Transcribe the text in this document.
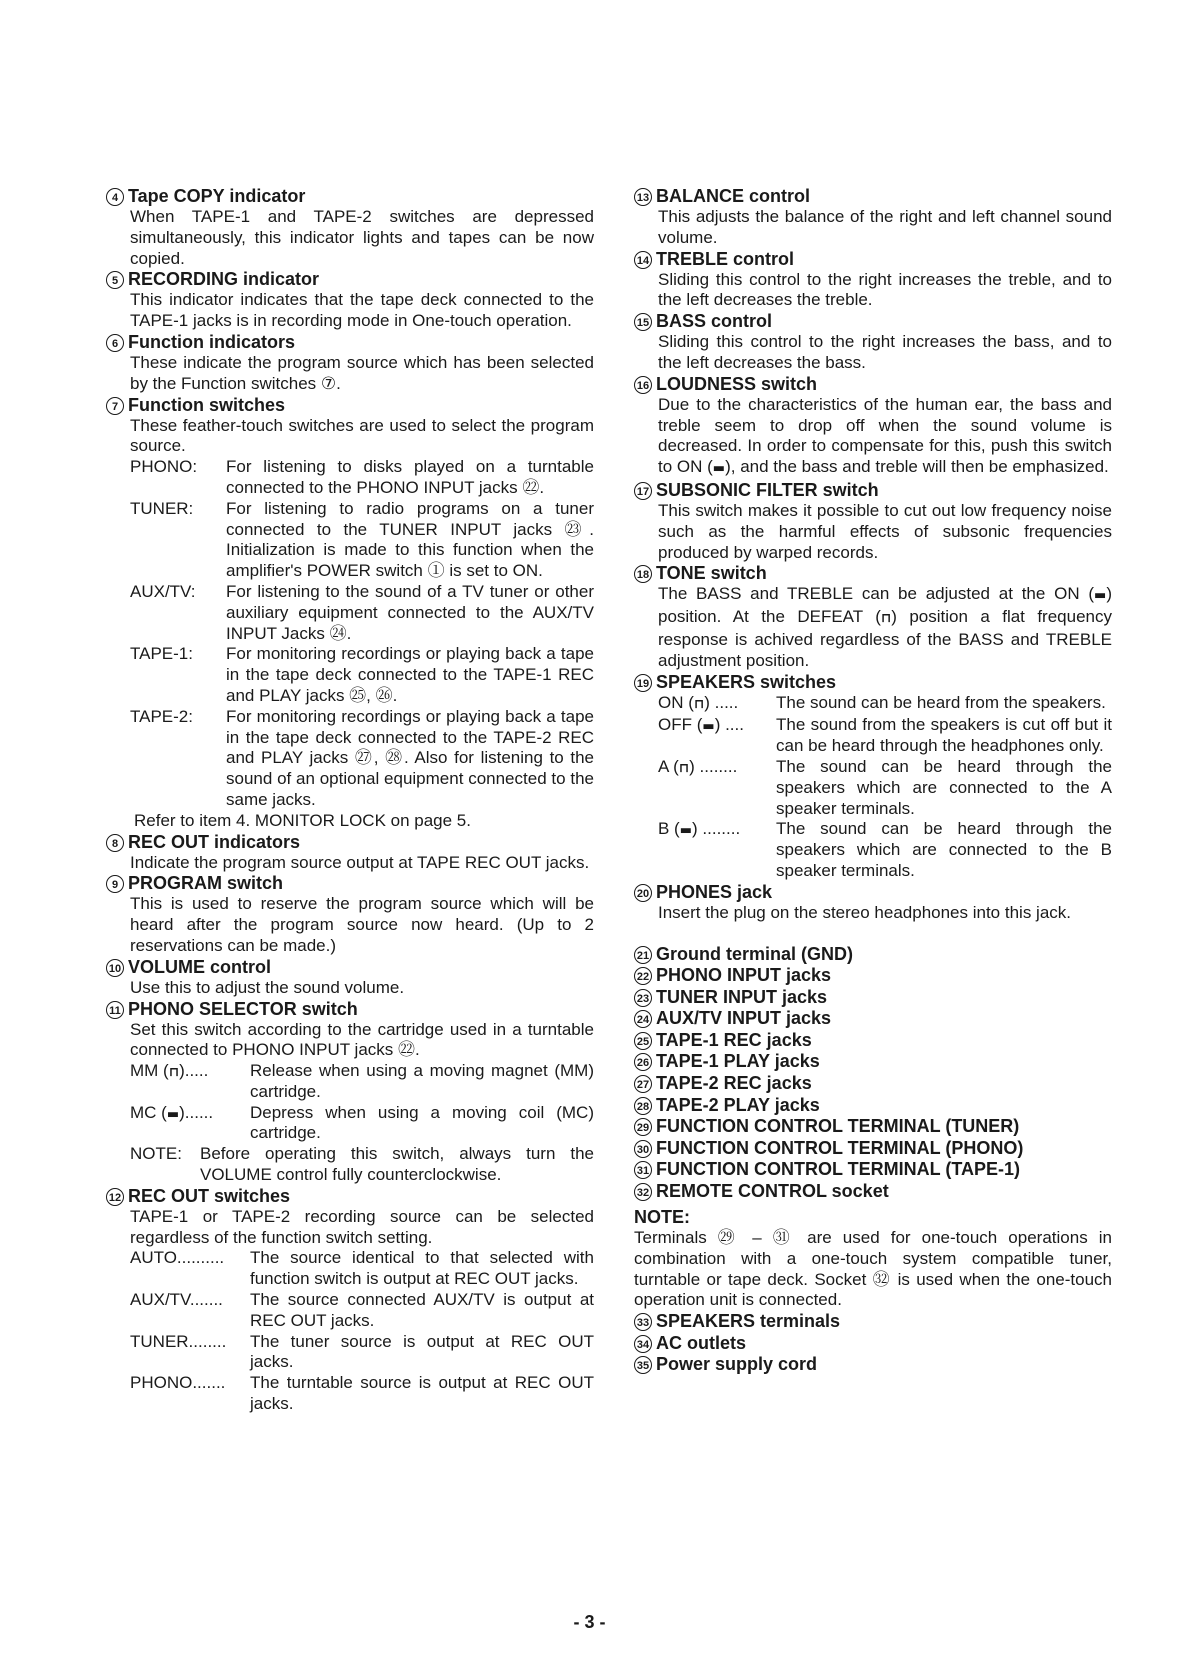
4 Tape COPY indicator

When TAPE-1 and TAPE-2 switches are depressed simultaneously, this indicator lights and tapes can be now copied.

5 RECORDING indicator

This indicator indicates that the tape deck connected to the TAPE-1 jacks is in recording mode in One-touch operation.

6 Function indicators

These indicate the program source which has been selected by the Function switches ⑦.

7 Function switches

These feather-touch switches are used to select the program source.

PHONO:	For listening to disks played on a turntable connected to the PHONO INPUT jacks ㉒.
TUNER:	For listening to radio programs on a tuner connected to the TUNER INPUT jacks ㉓. Initialization is made to this function when the amplifier's POWER switch ① is set to ON.
AUX/TV:	For listening to the sound of a TV tuner or other auxiliary equipment connected to the AUX/TV INPUT Jacks ㉔.
TAPE-1:	For monitoring recordings or playing back a tape in the tape deck connected to the TAPE-1 REC and PLAY jacks ㉕, ㉖.
TAPE-2:	For monitoring recordings or playing back a tape in the tape deck connected to the TAPE-2 REC and PLAY jacks ㉗, ㉘. Also for listening to the sound of an optional equipment connected to the same jacks.

Refer to item 4. MONITOR LOCK on page 5.

8 REC OUT indicators

Indicate the program source output at TAPE REC OUT jacks.

9 PROGRAM switch

This is used to reserve the program source which will be heard after the program source now heard. (Up to 2 reservations can be made.)

10 VOLUME control

Use this to adjust the sound volume.

11 PHONO SELECTOR switch

Set this switch according to the cartridge used in a turntable connected to PHONO INPUT jacks ㉒.

MM (⊓).....	Release when using a moving magnet (MM) cartridge.
MC (▬)......	Depress when using a moving coil (MC) cartridge.
NOTE:	Before operating this switch, always turn the VOLUME control fully counterclockwise.
12 REC OUT switches

TAPE-1 or TAPE-2 recording source can be selected regardless of the function switch setting.

AUTO..........	The source identical to that selected with function switch is output at REC OUT jacks.
AUX/TV.......	The source connected AUX/TV is output at REC OUT jacks.
TUNER........	The tuner source is output at REC OUT jacks.
PHONO.......	The turntable source is output at REC OUT jacks.
13 BALANCE control

This adjusts the balance of the right and left channel sound volume.

14 TREBLE control

Sliding this control to the right increases the treble, and to the left decreases the treble.

15 BASS control

Sliding this control to the right increases the bass, and to the left decreases the bass.

16 LOUDNESS switch

Due to the characteristics of the human ear, the bass and treble seem to drop off when the sound volume is decreased. In order to compensate for this, push this switch to ON (▬), and the bass and treble will then be emphasized.

17 SUBSONIC FILTER switch

This switch makes it possible to cut out low frequency noise such as the harmful effects of subsonic frequencies produced by warped records.

18 TONE switch

The BASS and TREBLE can be adjusted at the ON (▬) position. At the DEFEAT (⊓) position a flat frequency response is achived regardless of the BASS and TREBLE adjustment position.

19 SPEAKERS switches
ON (⊓) .....	The sound can be heard from the speakers.
OFF (▬) ....	The sound from the speakers is cut off but it can be heard through the headphones only.
A (⊓) ........	The sound can be heard through the speakers which are connected to the A speaker terminals.
B (▬) ........	The sound can be heard through the speakers which are connected to the B speaker terminals.
20 PHONES jack

Insert the plug on the stereo headphones into this jack.

21 Ground terminal (GND)
22 PHONO INPUT jacks
23 TUNER INPUT jacks
24 AUX/TV INPUT jacks
25 TAPE-1 REC jacks
26 TAPE-1 PLAY jacks
27 TAPE-2 REC jacks
28 TAPE-2 PLAY jacks
29 FUNCTION CONTROL TERMINAL (TUNER)
30 FUNCTION CONTROL TERMINAL (PHONO)
31 FUNCTION CONTROL TERMINAL (TAPE-1)
32 REMOTE CONTROL socket
NOTE:
Terminals ㉙ – ㉛ are used for one-touch operations in combination with a one-touch system compatible tuner, turntable or tape deck. Socket ㉜ is used when the one-touch operation unit is connected.
33 SPEAKERS terminals
34 AC outlets
35 Power supply cord
- 3 -
